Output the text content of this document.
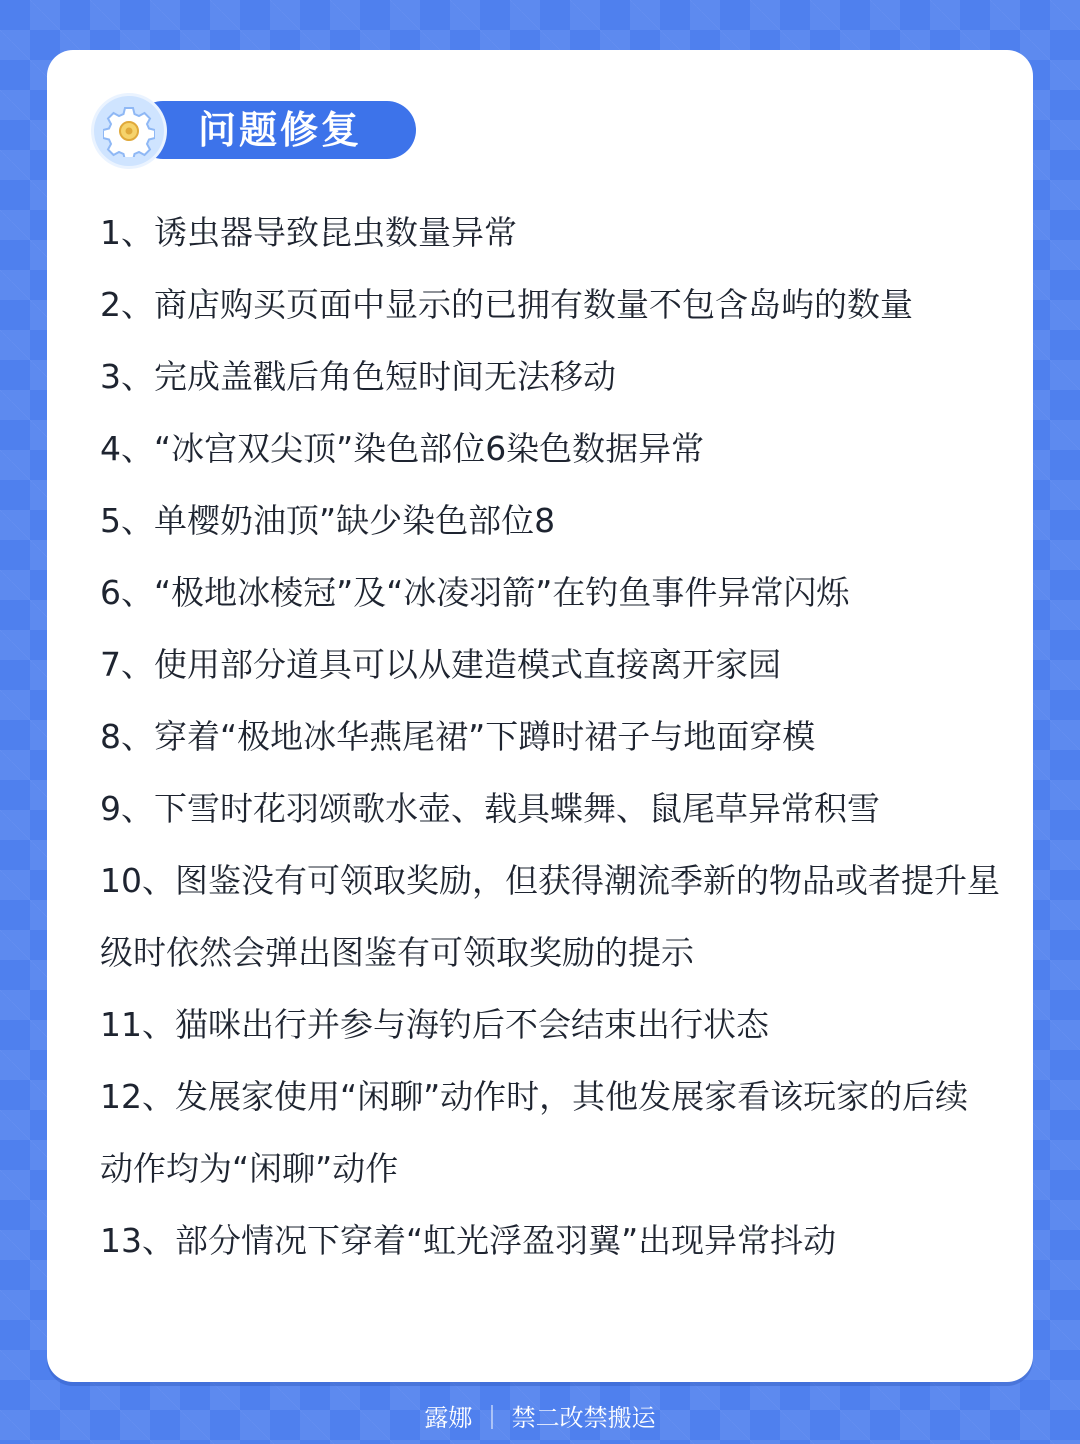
问题修复
1、诱虫器导致昆虫数量异常
2、商店购买页面中显示的已拥有数量不包含岛屿的数量
3、完成盖戳后角色短时间无法移动
4、“冰宫双尖顶”染色部位6染色数据异常
5、单樱奶油顶”缺少染色部位8
6、“极地冰棱冠”及“冰凌羽箭”在钓鱼事件异常闪烁
7、使用部分道具可以从建造模式直接离开家园
8、穿着“极地冰华燕尾裙”下蹲时裙子与地面穿模
9、下雪时花羽颂歌水壶、载具蝶舞、鼠尾草异常积雪
10、图鉴没有可领取奖励，但获得潮流季新的物品或者提升星级时依然会弹出图鉴有可领取奖励的提示
11、猫咪出行并参与海钓后不会结束出行状态
12、发展家使用“闲聊”动作时，其他发展家看该玩家的后续动作均为“闲聊”动作
13、部分情况下穿着“虹光浮盈羽翼”出现异常抖动
露娜 ｜ 禁二改禁搬运
